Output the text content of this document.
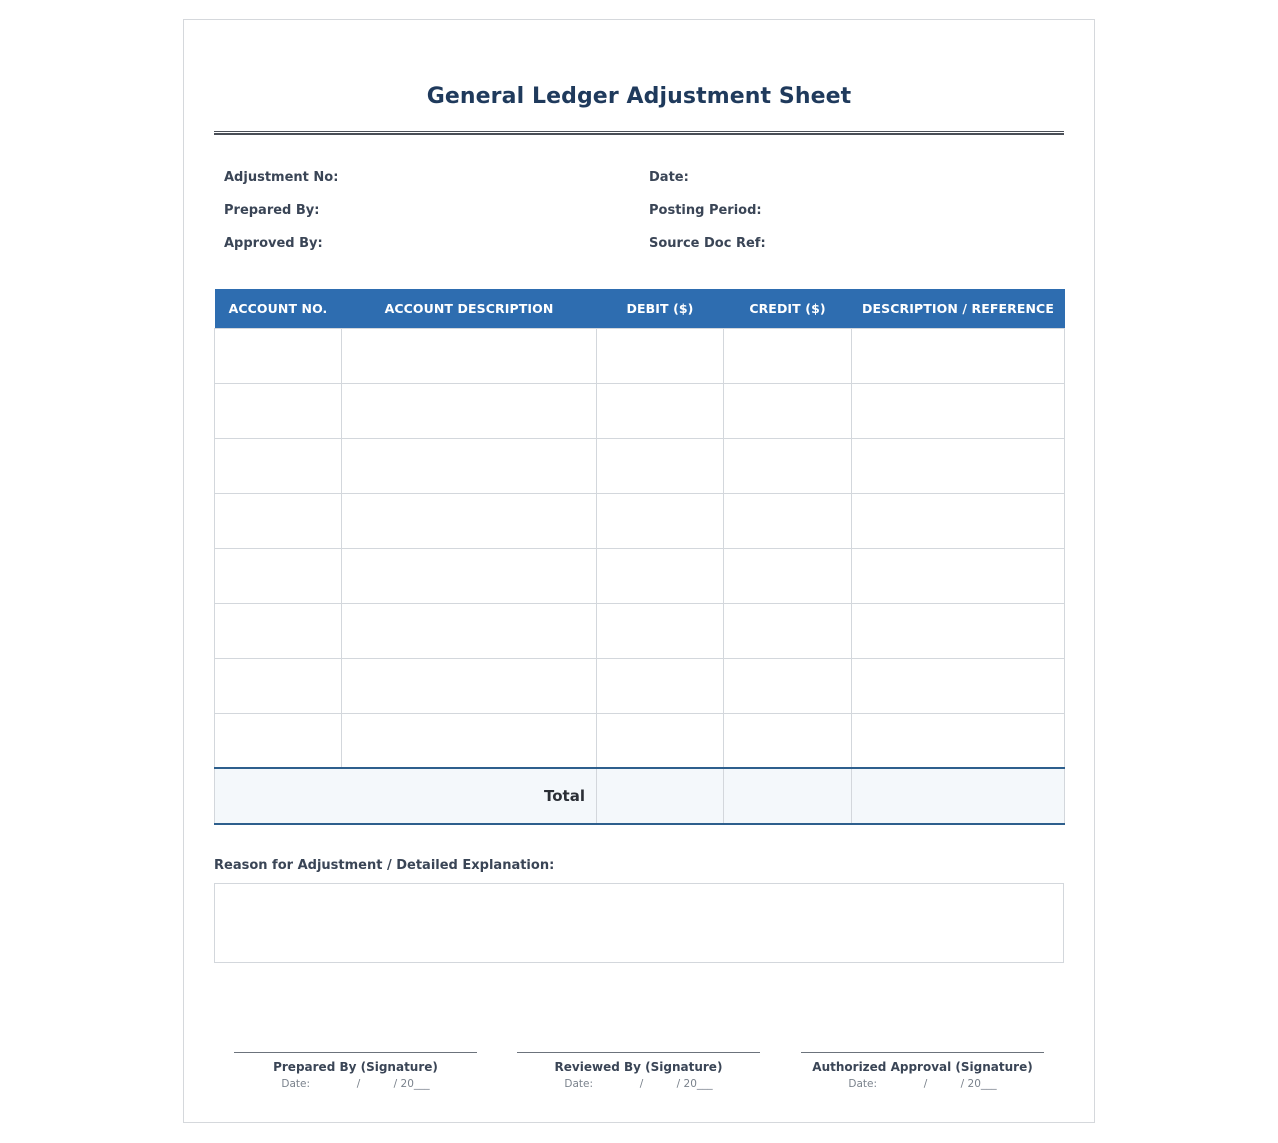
General Ledger Adjustment Sheet
Adjustment No:
Prepared By:
Approved By:
Date:
Posting Period:
Source Doc Ref:
ACCOUNT NO.	ACCOUNT DESCRIPTION	DEBIT ($)	CREDIT ($)	DESCRIPTION / REFERENCE

Total				
Reason for Adjustment / Detailed Explanation:
Prepared By (Signature)
Date:              /          / 20___
Reviewed By (Signature)
Date:              /          / 20___
Authorized Approval (Signature)
Date:              /          / 20___
